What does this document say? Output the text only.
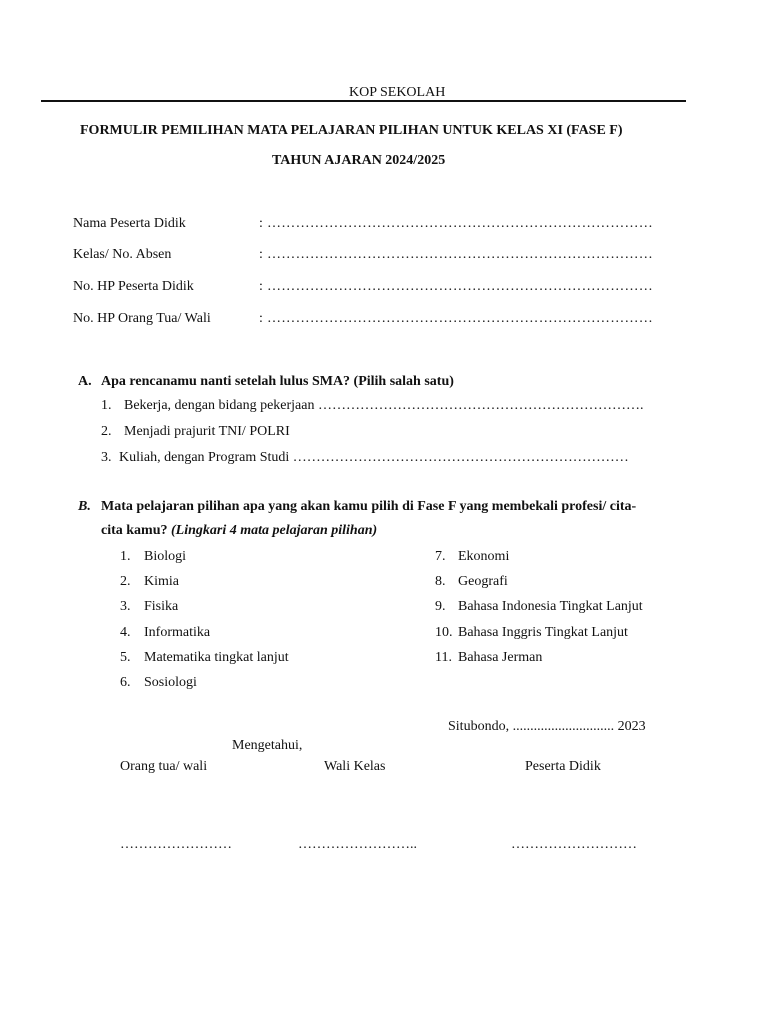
KOP SEKOLAH
FORMULIR PEMILIHAN MATA PELAJARAN PILIHAN UNTUK KELAS XI (FASE F)
TAHUN AJARAN 2024/2025
Nama Peserta Didik	: ………………………………………………………………………
Kelas/ No. Absen	: ………………………………………………………………………
No. HP Peserta Didik	: ………………………………………………………………………
No. HP Orang Tua/ Wali	: ………………………………………………………………………
A. Apa rencanamu nanti setelah lulus SMA? (Pilih salah satu)
1. Bekerja, dengan bidang pekerjaan …………………………………………………………….
2. Menjadi prajurit TNI/ POLRI
3. Kuliah, dengan Program Studi ………………………………………………………………
B. Mata pelajaran pilihan apa yang akan kamu pilih di Fase F yang membekali profesi/ cita-
cita kamu? (Lingkari 4 mata pelajaran pilihan)
1. Biologi
2. Kimia
3. Fisika
4. Informatika
5. Matematika tingkat lanjut
6. Sosiologi
7. Ekonomi
8. Geografi
9. Bahasa Indonesia Tingkat Lanjut
10. Bahasa Inggris Tingkat Lanjut
11. Bahasa Jerman
Situbondo, ............................. 2023
Mengetahui,
Orang tua/ wali	Wali Kelas	Peserta Didik
……………………	……………………..	………………………
